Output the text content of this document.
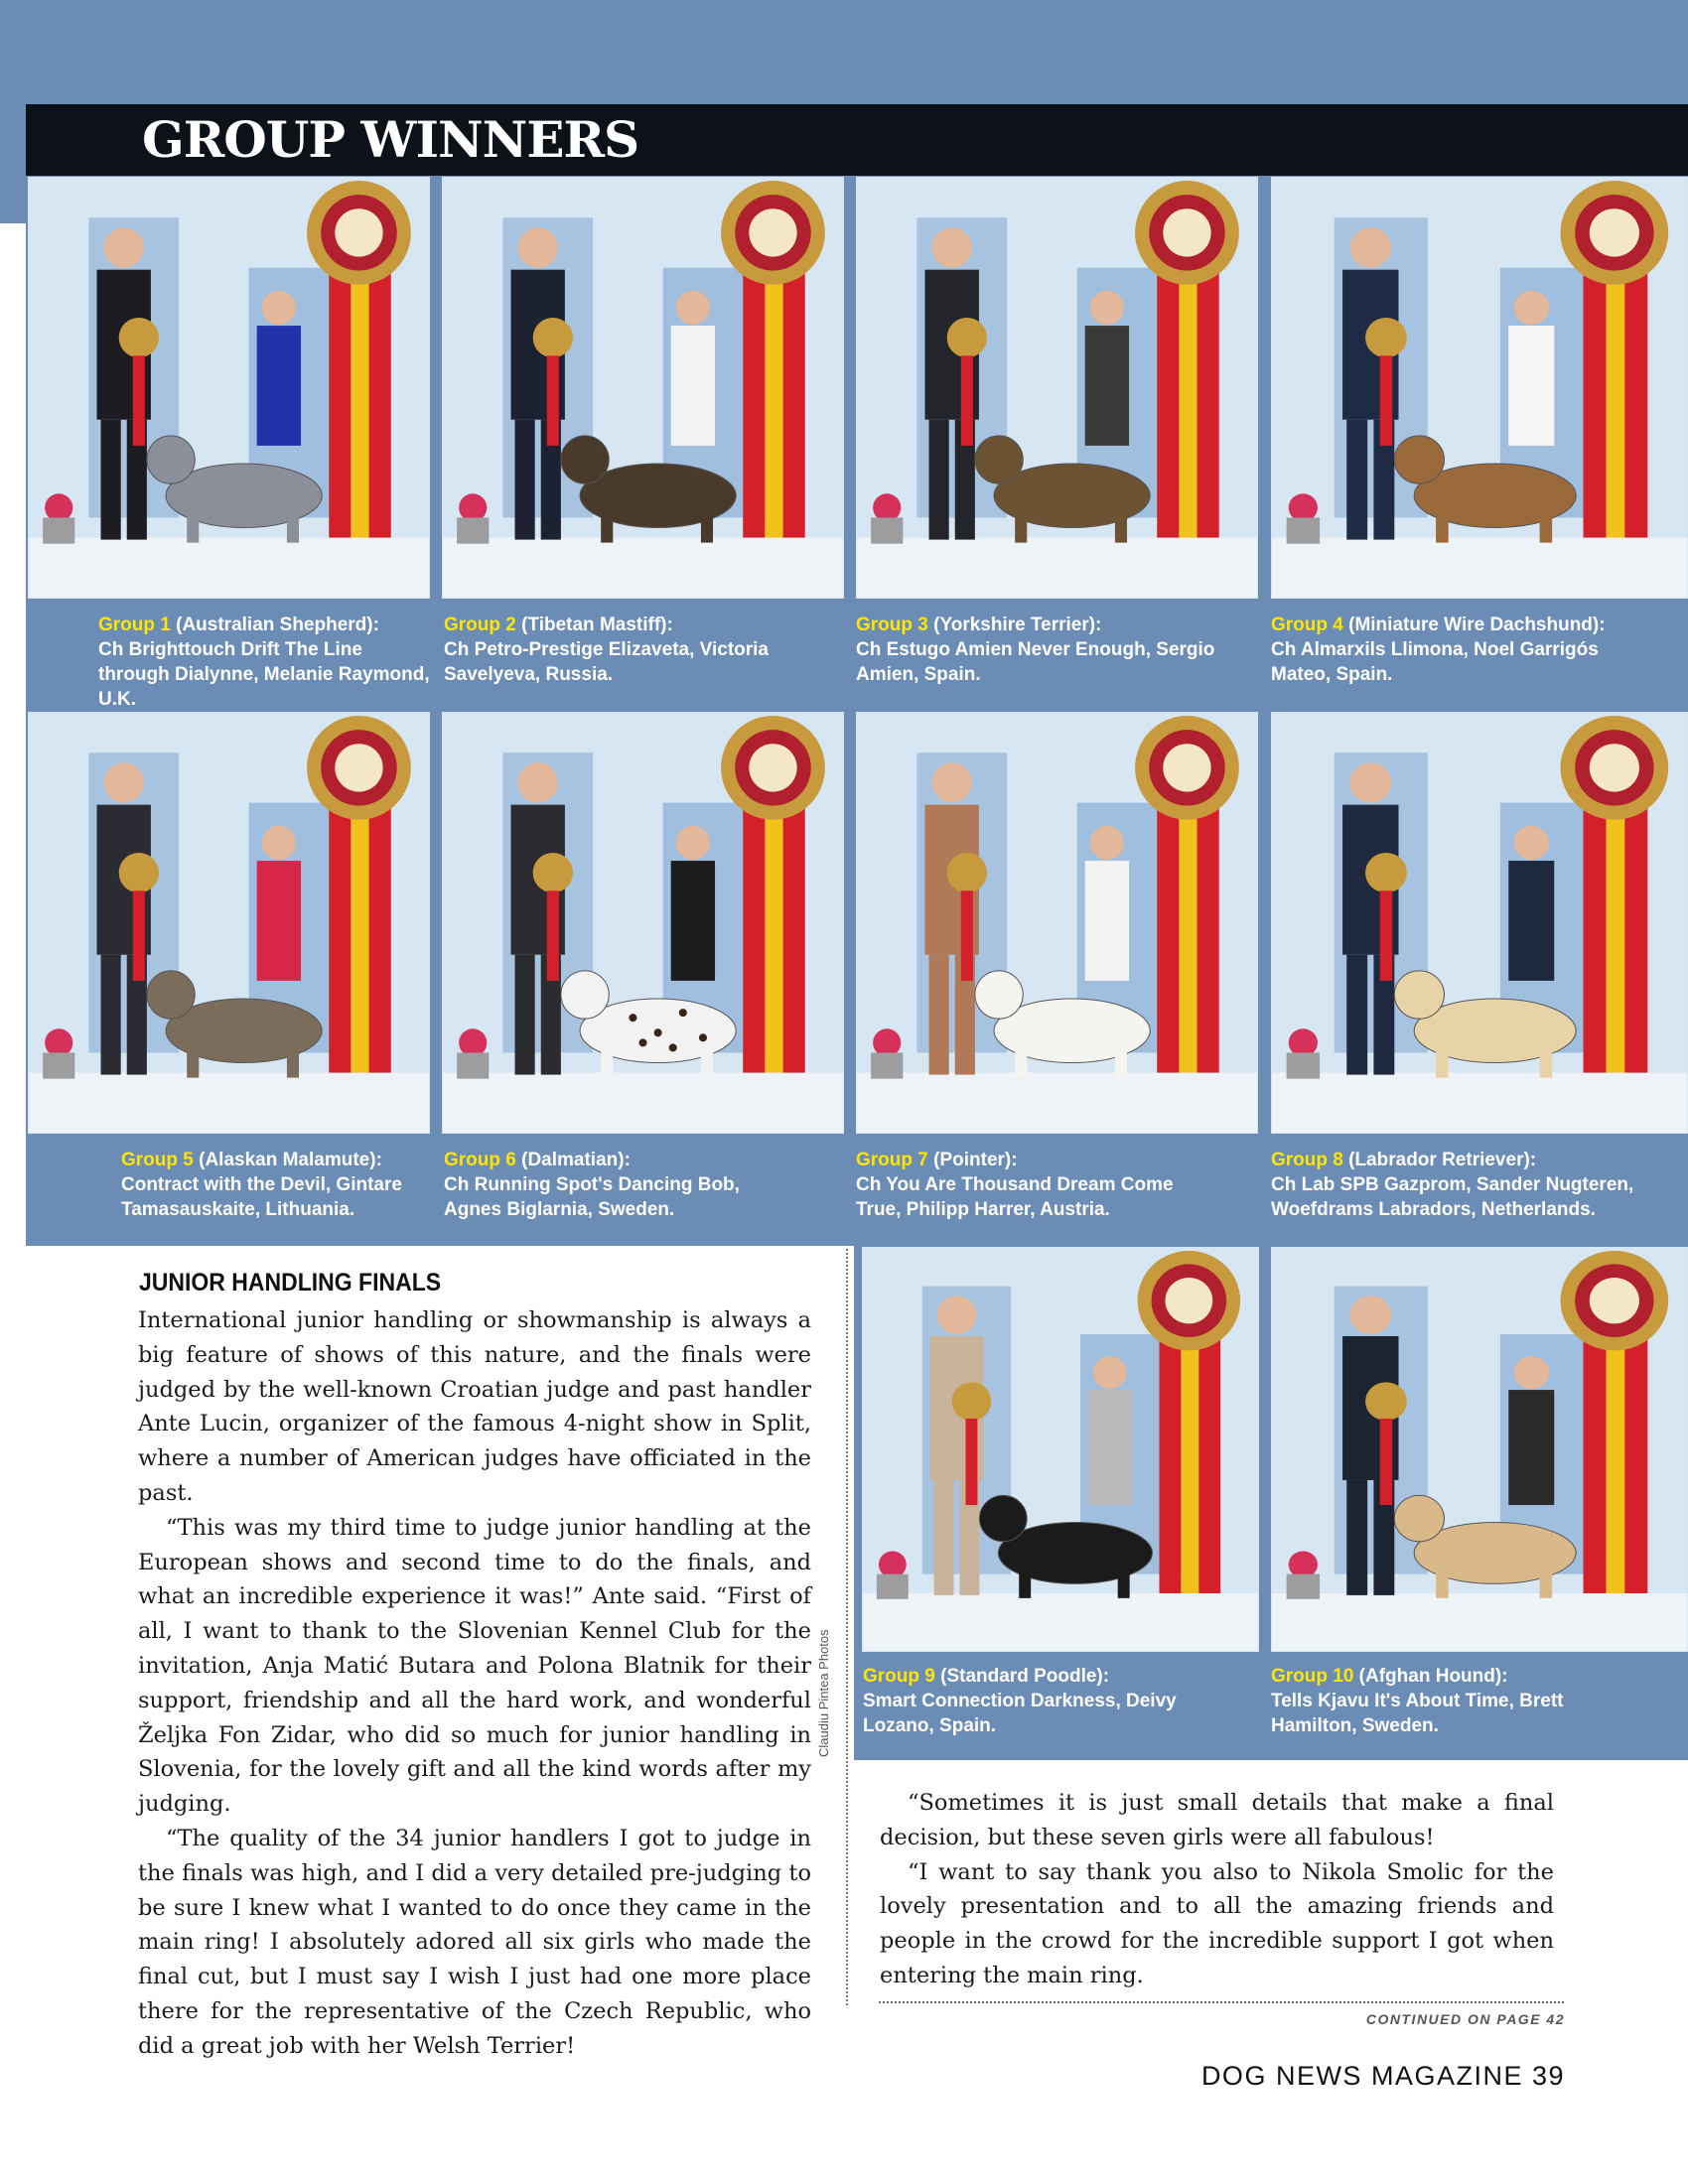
GROUP WINNERS
Group 1 (Australian Shepherd):
Ch Brighttouch Drift The Line through Dialynne, Melanie Raymond, U.K.
Group 2 (Tibetan Mastiff):
Ch Petro-Prestige Elizaveta, Victoria Savelyeva, Russia.
Group 3 (Yorkshire Terrier):
Ch Estugo Amien Never Enough, Sergio Amien, Spain.
Group 4 (Miniature Wire Dachshund):
Ch Almarxils Llimona, Noel Garrigós Mateo, Spain.
Group 5 (Alaskan Malamute):
Contract with the Devil, Gintare Tamasauskaite, Lithuania.
Group 6 (Dalmatian):
Ch Running Spot's Dancing Bob, Agnes Biglarnia, Sweden.
Group 7 (Pointer):
Ch You Are Thousand Dream Come True, Philipp Harrer, Austria.
Group 8 (Labrador Retriever):
Ch Lab SPB Gazprom, Sander Nugteren, Woefdrams Labradors, Netherlands.
Group 9 (Standard Poodle):
Smart Connection Darkness, Deivy Lozano, Spain.
Group 10 (Afghan Hound):
Tells Kjavu It's About Time, Brett Hamilton, Sweden.
JUNIOR HANDLING FINALS

International junior handling or showmanship is always a big feature of shows of this nature, and the finals were judged by the well-known Croatian judge and past handler Ante Lucin, organizer of the famous 4-night show in Split, where a number of American judges have officiated in the past.

“This was my third time to judge junior handling at the European shows and second time to do the finals, and what an incredible experience it was!” Ante said. “First of all, I want to thank to the Slovenian Kennel Club for the invitation, Anja Matić Butara and Polona Blatnik for their support, friendship and all the hard work, and wonderful Željka Fon Zidar, who did so much for junior handling in Slovenia, for the lovely gift and all the kind words after my judging.

“The quality of the 34 junior handlers I got to judge in the finals was high, and I did a very detailed pre-judging to be sure I knew what I wanted to do once they came in the main ring! I absolutely adored all six girls who made the final cut, but I must say I wish I just had one more place there for the representative of the Czech Republic, who did a great job with her Welsh Terrier!

Claudiu Pintea Photos

“Sometimes it is just small details that make a final decision, but these seven girls were all fabulous!

“I want to say thank you also to Nikola Smolic for the lovely presentation and to all the amazing friends and people in the crowd for the incredible support I got when entering the main ring.

CONTINUED ON PAGE 42
DOG NEWS MAGAZINE 39
